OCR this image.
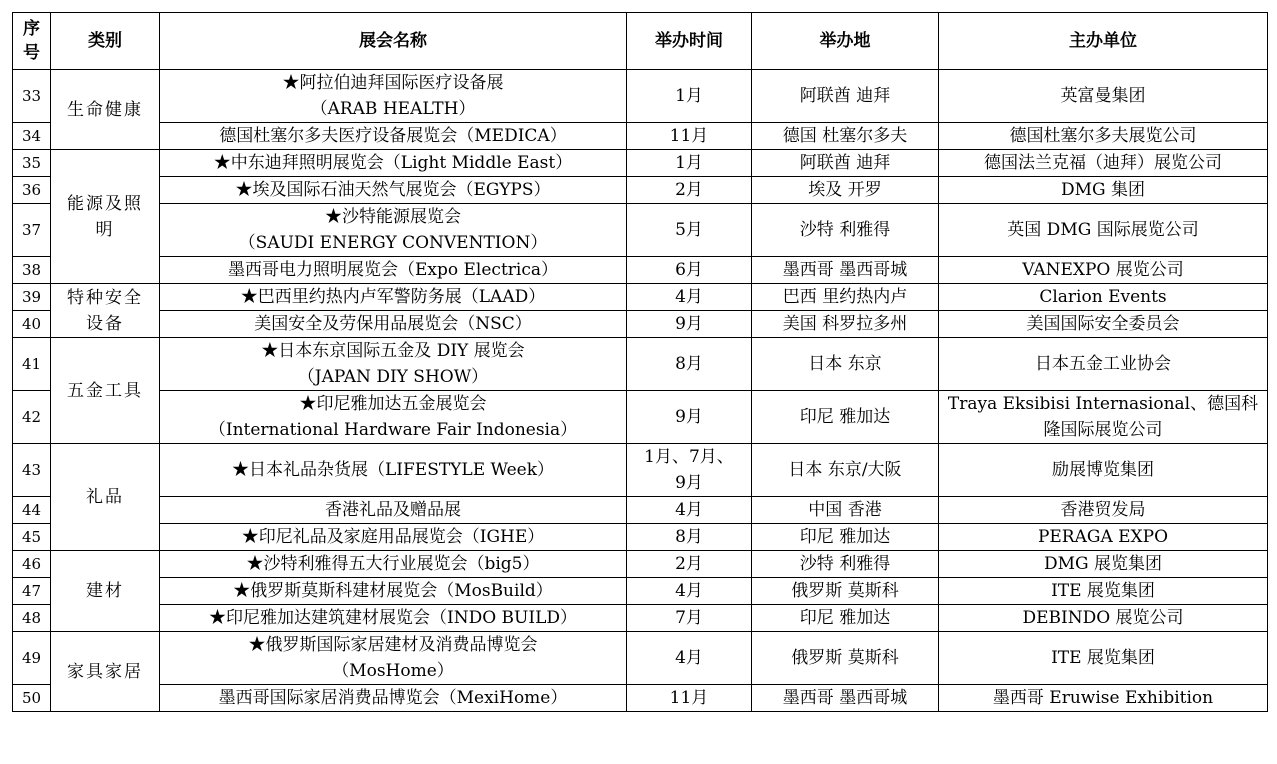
序
号	类别	展会名称	举办时间	举办地	主办单位
33	生命健康	★阿拉伯迪拜国际医疗设备展
（ARAB HEALTH）	1月	阿联酋 迪拜	英富曼集团

34		德国杜塞尔多夫医疗设备展览会（MEDICA）	11月	德国 杜塞尔多夫	德国杜塞尔多夫展览公司

35	能源及照
明	★中东迪拜照明展览会（Light Middle East）	1月	阿联酋 迪拜	德国法兰克福（迪拜）展览公司

36		★埃及国际石油天然气展览会（EGYPS）	2月	埃及 开罗	DMG 集团

37		★沙特能源展览会
（SAUDI ENERGY CONVENTION）	5月	沙特 利雅得	英国 DMG 国际展览公司

38		墨西哥电力照明展览会（Expo Electrica）	6月	墨西哥 墨西哥城	VANEXPO 展览公司

39	特种安全
设备	★巴西里约热内卢军警防务展（LAAD）	4月	巴西 里约热内卢	Clarion Events

40		美国安全及劳保用品展览会（NSC）	9月	美国 科罗拉多州	美国国际安全委员会

41	五金工具	★日本东京国际五金及 DIY 展览会
（JAPAN DIY SHOW）	8月	日本 东京	日本五金工业协会

42		★印尼雅加达五金展览会
（International Hardware Fair Indonesia）	9月	印尼 雅加达	Traya Eksibisi Internasional、德国科
隆国际展览公司

43	礼品	★日本礼品杂货展（LIFESTYLE Week）	1月、7月、
9月	日本 东京/大阪	励展博览集团

44		香港礼品及赠品展	4月	中国 香港	香港贸发局

45		★印尼礼品及家庭用品展览会（IGHE）	8月	印尼 雅加达	PERAGA EXPO

46	建材	★沙特利雅得五大行业展览会（big5）	2月	沙特 利雅得	DMG 展览集团

47		★俄罗斯莫斯科建材展览会（MosBuild）	4月	俄罗斯 莫斯科	ITE 展览集团

48		★印尼雅加达建筑建材展览会（INDO BUILD）	7月	印尼 雅加达	DEBINDO 展览公司

49	家具家居	★俄罗斯国际家居建材及消费品博览会
（MosHome）	4月	俄罗斯 莫斯科	ITE 展览集团

50		墨西哥国际家居消费品博览会（MexiHome）	11月	墨西哥 墨西哥城	墨西哥 Eruwise Exhibition
